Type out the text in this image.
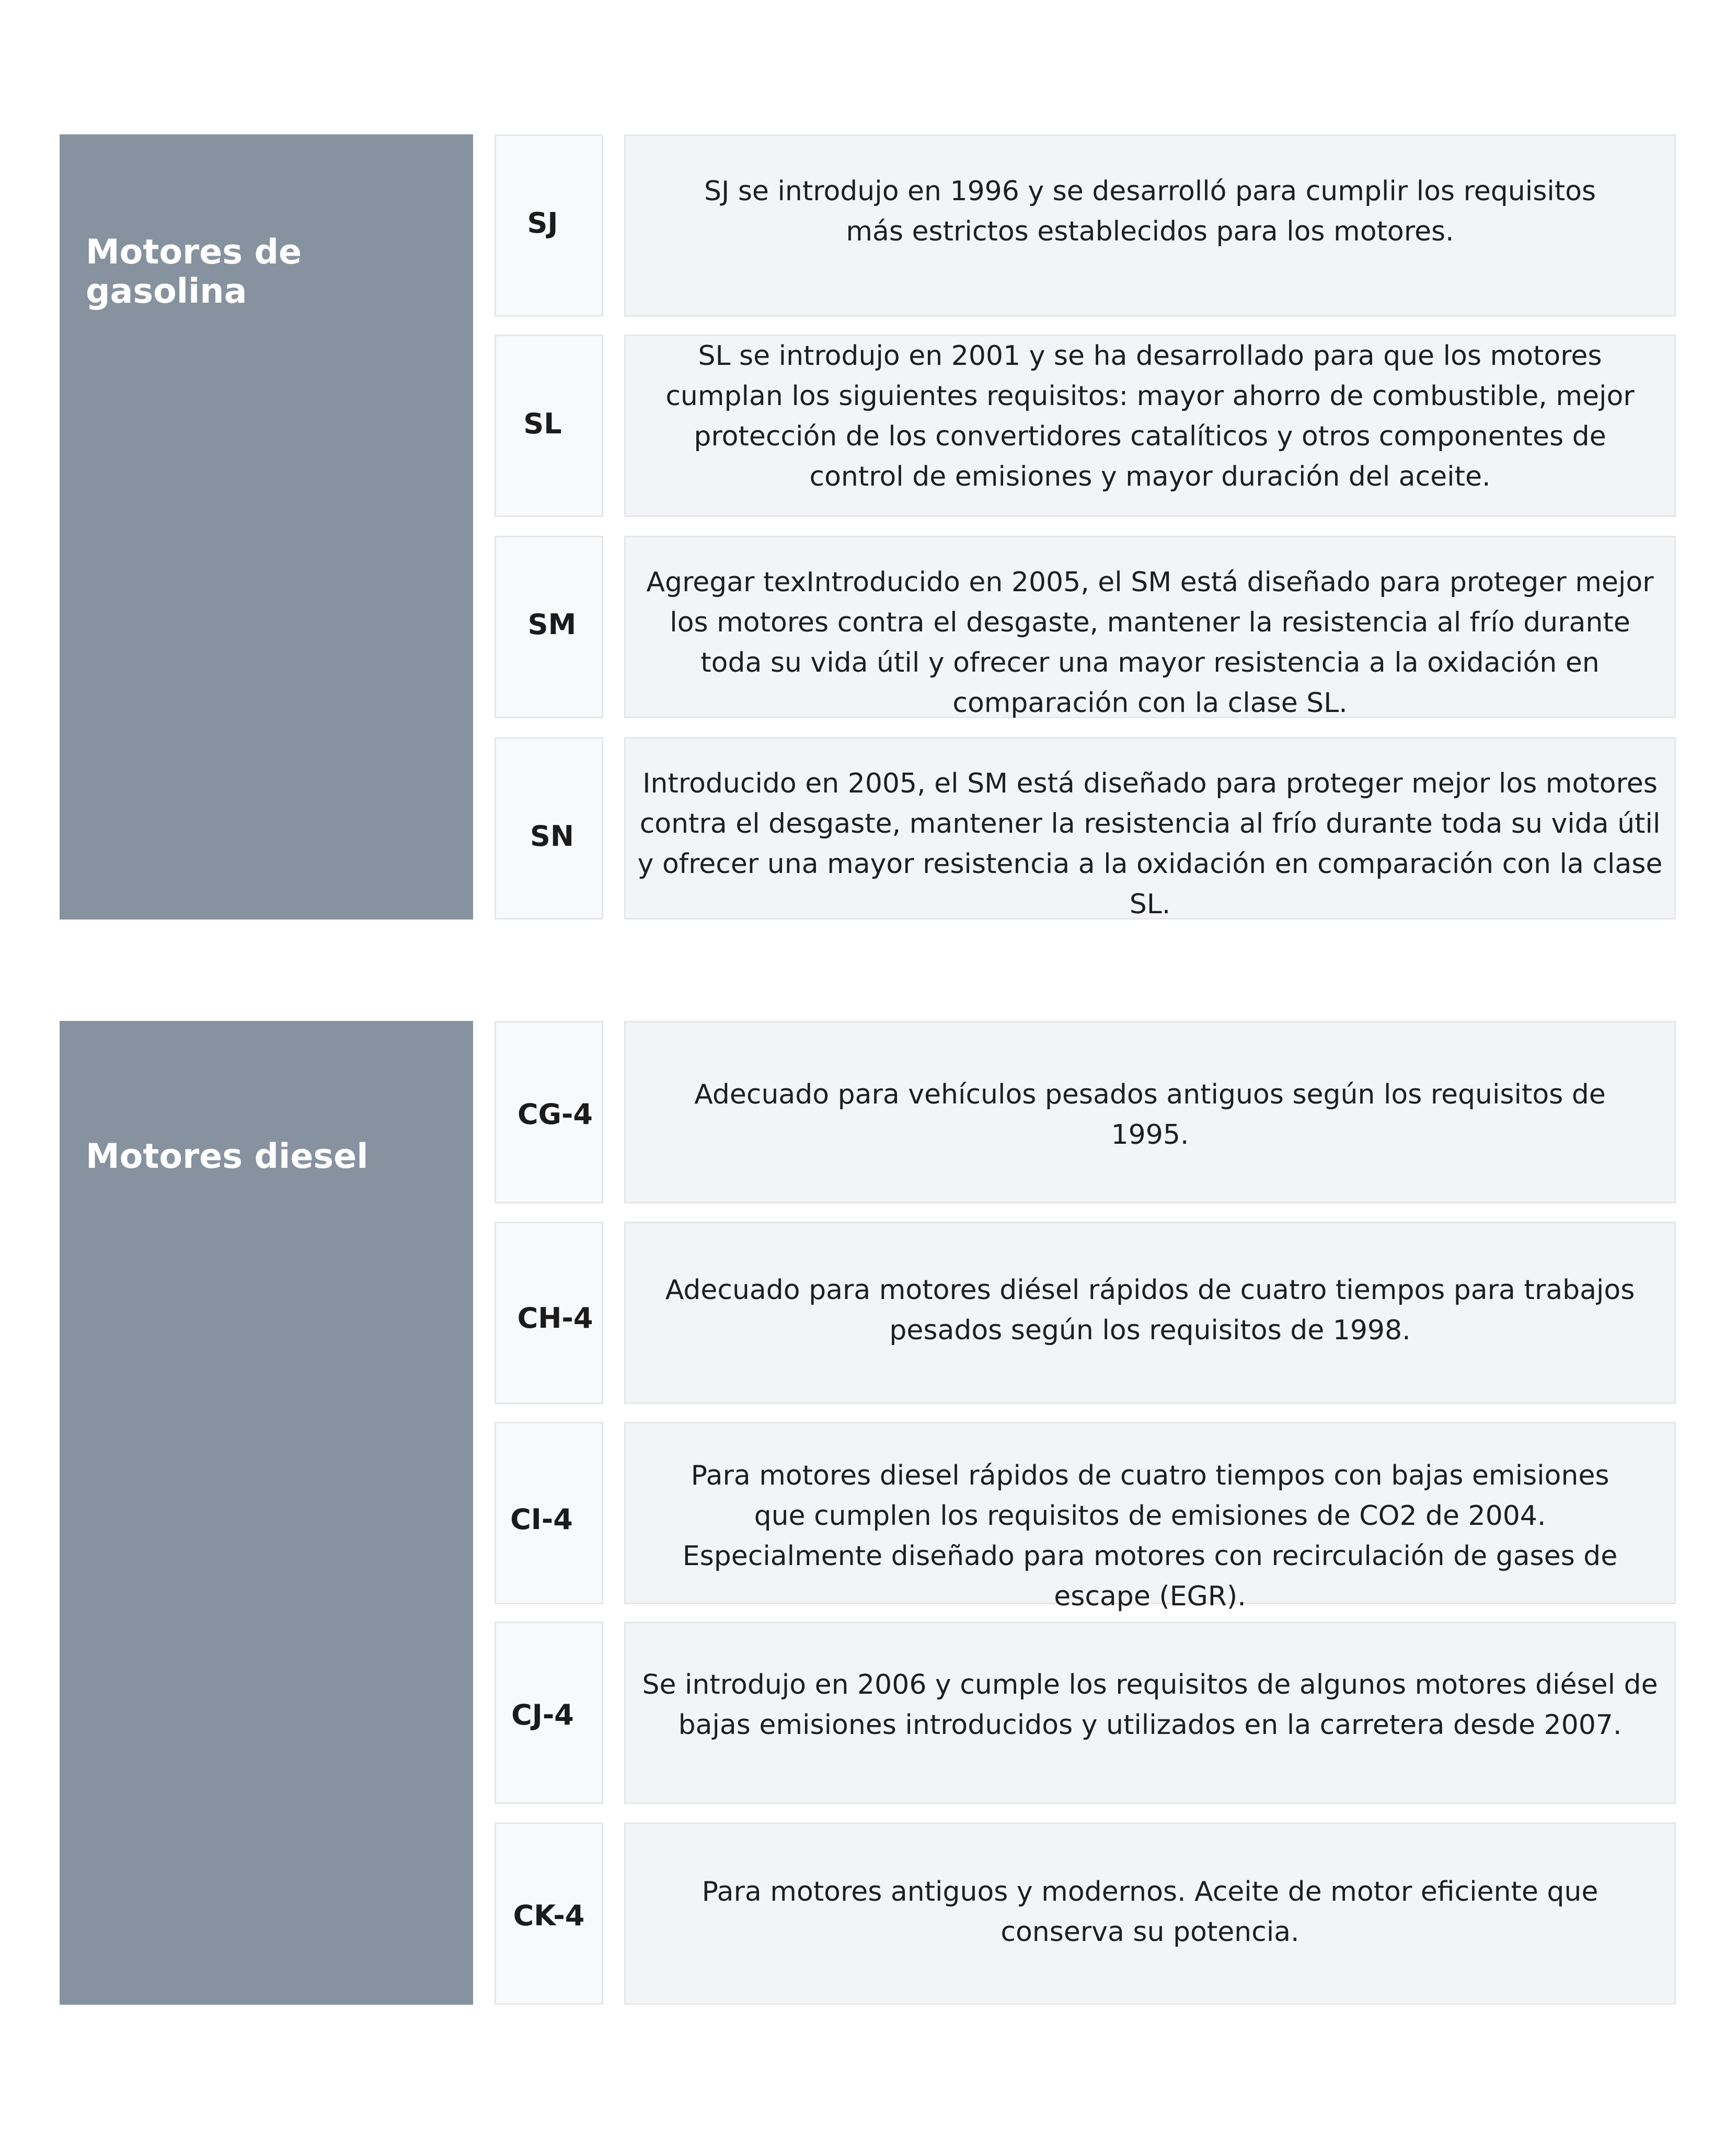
Motores de gasolina
SJ
SJ se introdujo en 1996 y se desarrolló para cumplir los requisitos más estrictos establecidos para los motores.
SL
SL se introdujo en 2001 y se ha desarrollado para que los motores cumplan los siguientes requisitos: mayor ahorro de combustible, mejor protección de los convertidores catalíticos y otros componentes de control de emisiones y mayor duración del aceite.
SM
Agregar texIntroducido en 2005, el SM está diseñado para proteger mejor los motores contra el desgaste, mantener la resistencia al frío durante toda su vida útil y ofrecer una mayor resistencia a la oxidación en comparación con la clase SL.
SN
Introducido en 2005, el SM está diseñado para proteger mejor los motores contra el desgaste, mantener la resistencia al frío durante toda su vida útil y ofrecer una mayor resistencia a la oxidación en comparación con la clase SL.
Motores diesel
CG-4
Adecuado para vehículos pesados antiguos según los requisitos de 1995.
CH-4
Adecuado para motores diésel rápidos de cuatro tiempos para trabajos pesados según los requisitos de 1998.
CI-4
Para motores diesel rápidos de cuatro tiempos con bajas emisiones que cumplen los requisitos de emisiones de CO2 de 2004. Especialmente diseñado para motores con recirculación de gases de escape (EGR).
CJ-4
Se introdujo en 2006 y cumple los requisitos de algunos motores diésel de bajas emisiones introducidos y utilizados en la carretera desde 2007.
CK-4
Para motores antiguos y modernos. Aceite de motor eficiente que conserva su potencia.
